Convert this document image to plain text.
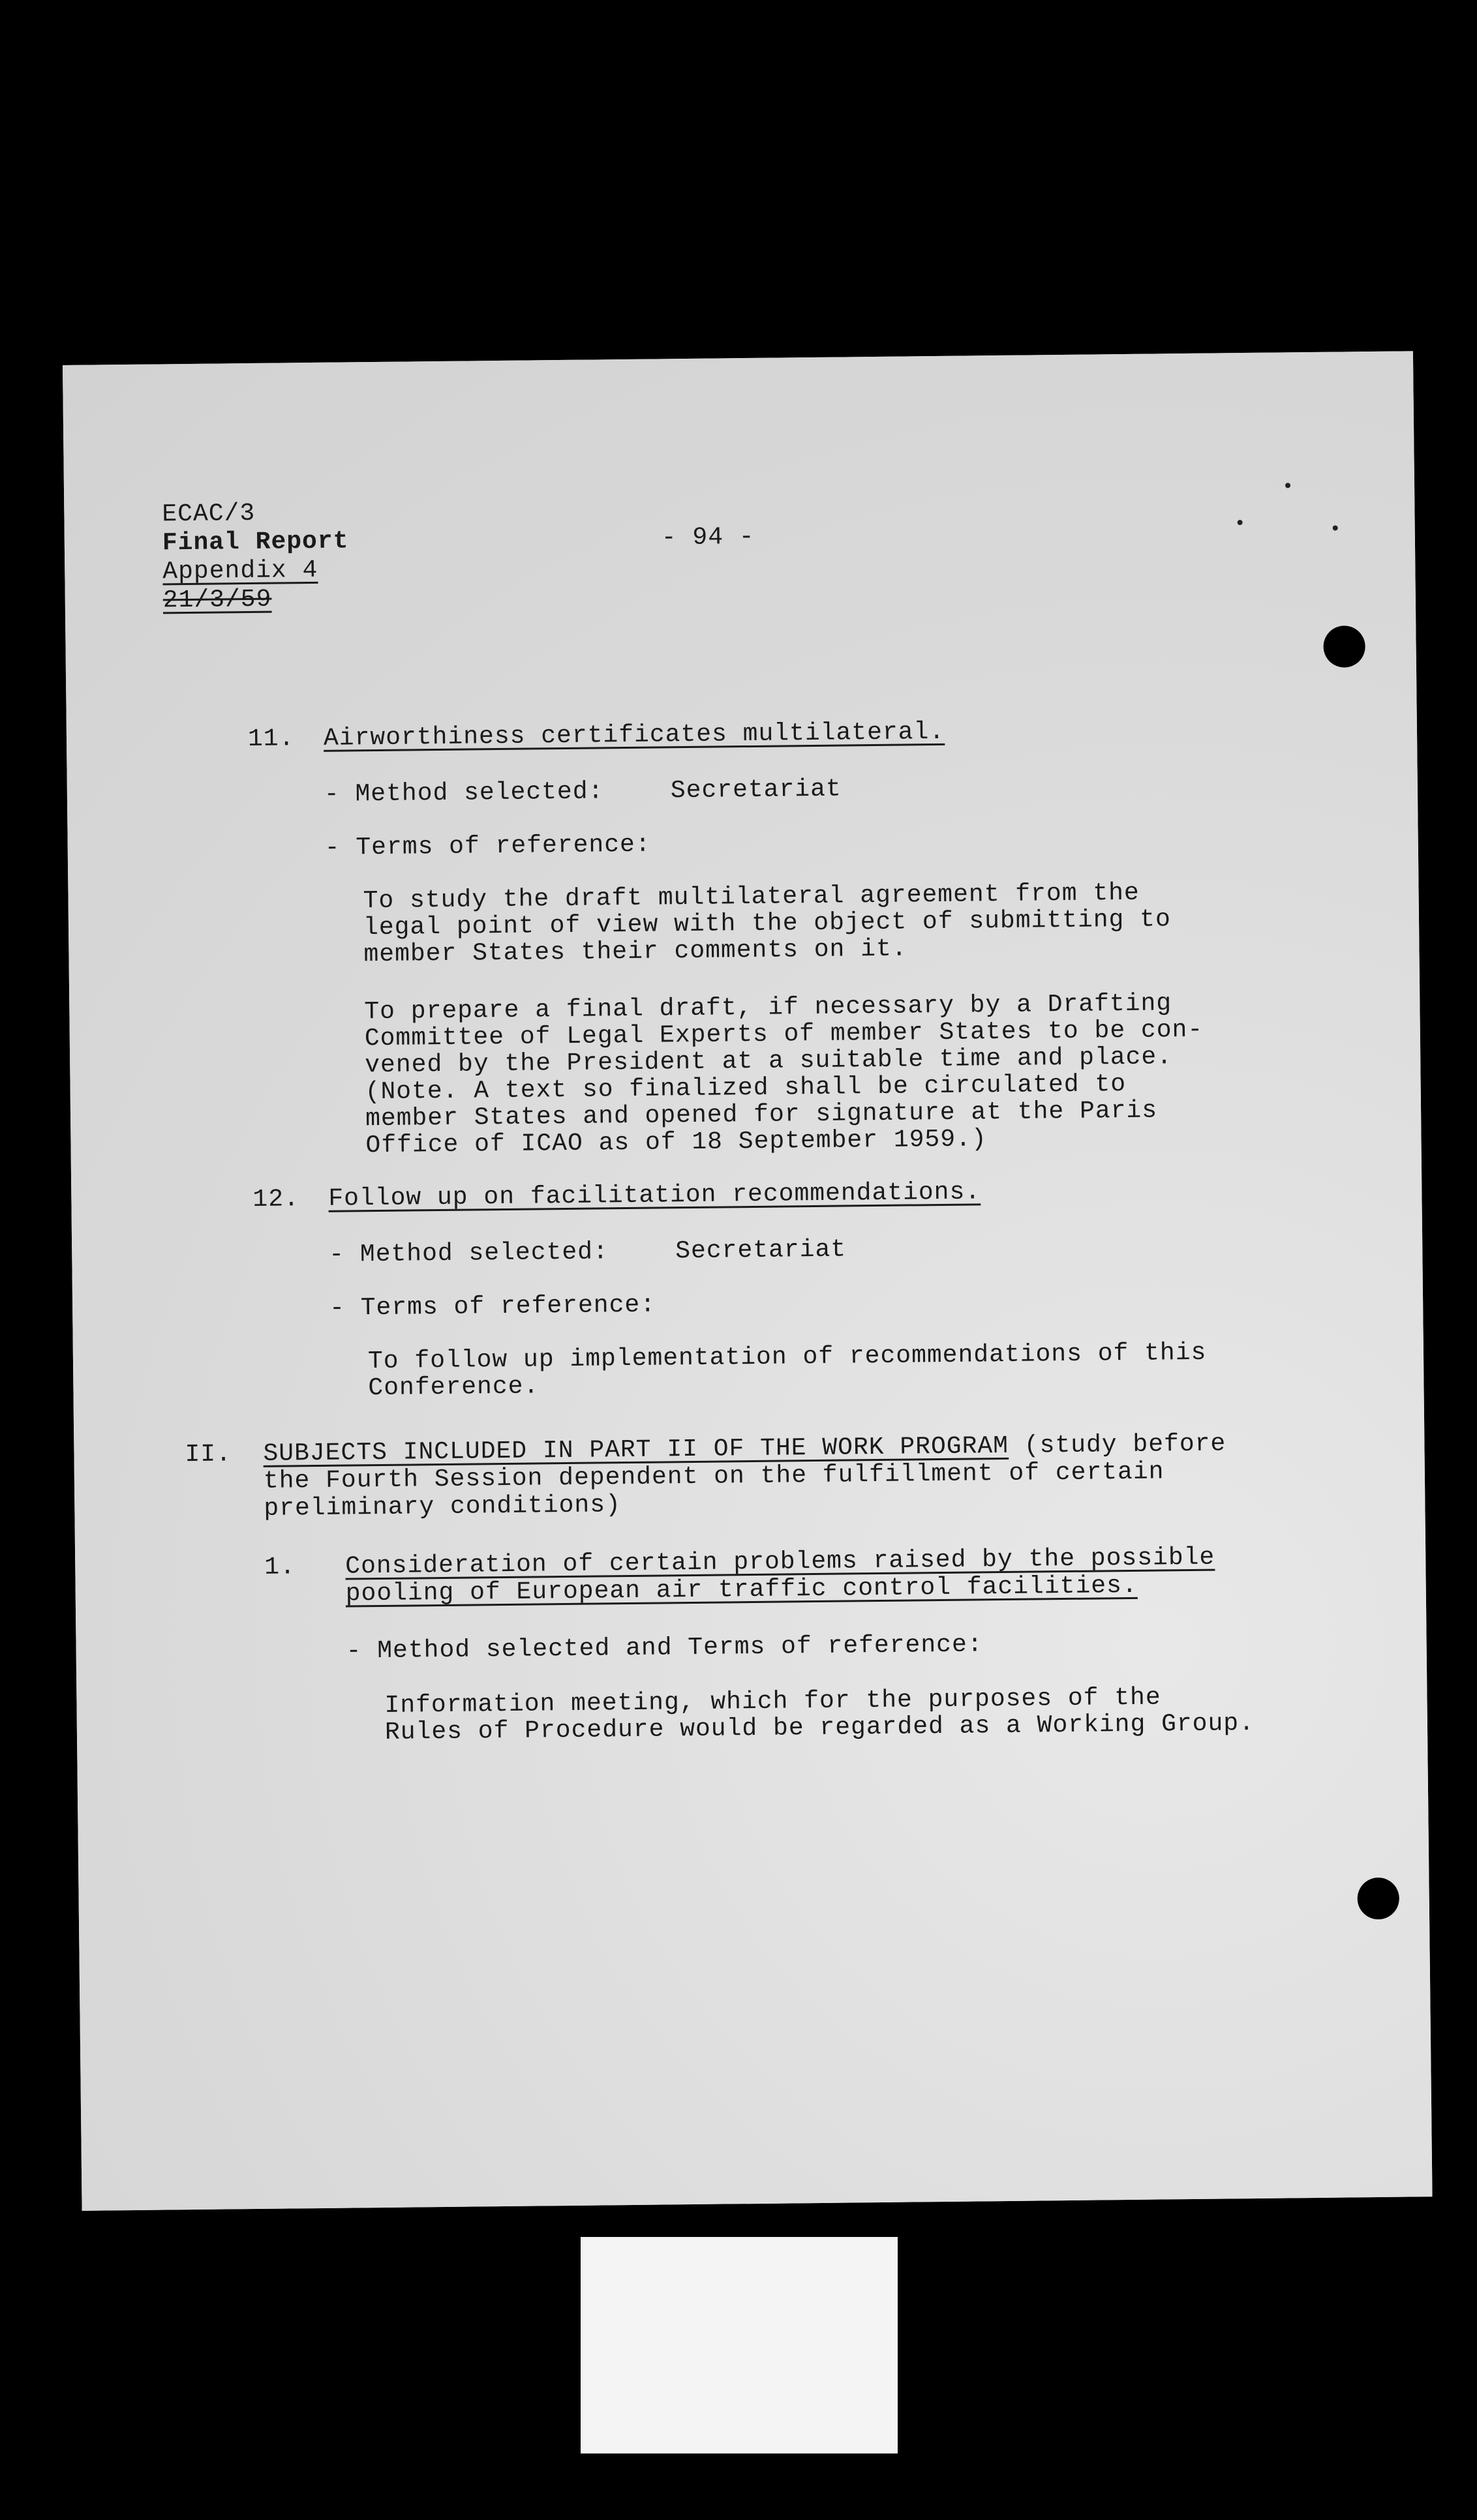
ECAC/3
Final Report
Appendix 4
21/3/59
- 94 -
11. Airworthiness certificates multilateral.
- Method selected:	Secretariat
- Terms of reference:
To study the draft multilateral agreement from the
legal point of view with the object of submitting to
member States their comments on it.
To prepare a final draft, if necessary by a Drafting
Committee of Legal Experts of member States to be con-
vened by the President at a suitable time and place.
(Note. A text so finalized shall be circulated to
member States and opened for signature at the Paris
Office of ICAO as of 18 September 1959.)
12. Follow up on facilitation recommendations.
- Method selected:	Secretariat
- Terms of reference:
To follow up implementation of recommendations of this
Conference.
II. SUBJECTS INCLUDED IN PART II OF THE WORK PROGRAM (study before
the Fourth Session dependent on the fulfillment of certain
preliminary conditions)
1. Consideration of certain problems raised by the possible
pooling of European air traffic control facilities.
- Method selected and Terms of reference:
Information meeting, which for the purposes of the
Rules of Procedure would be regarded as a Working Group.
